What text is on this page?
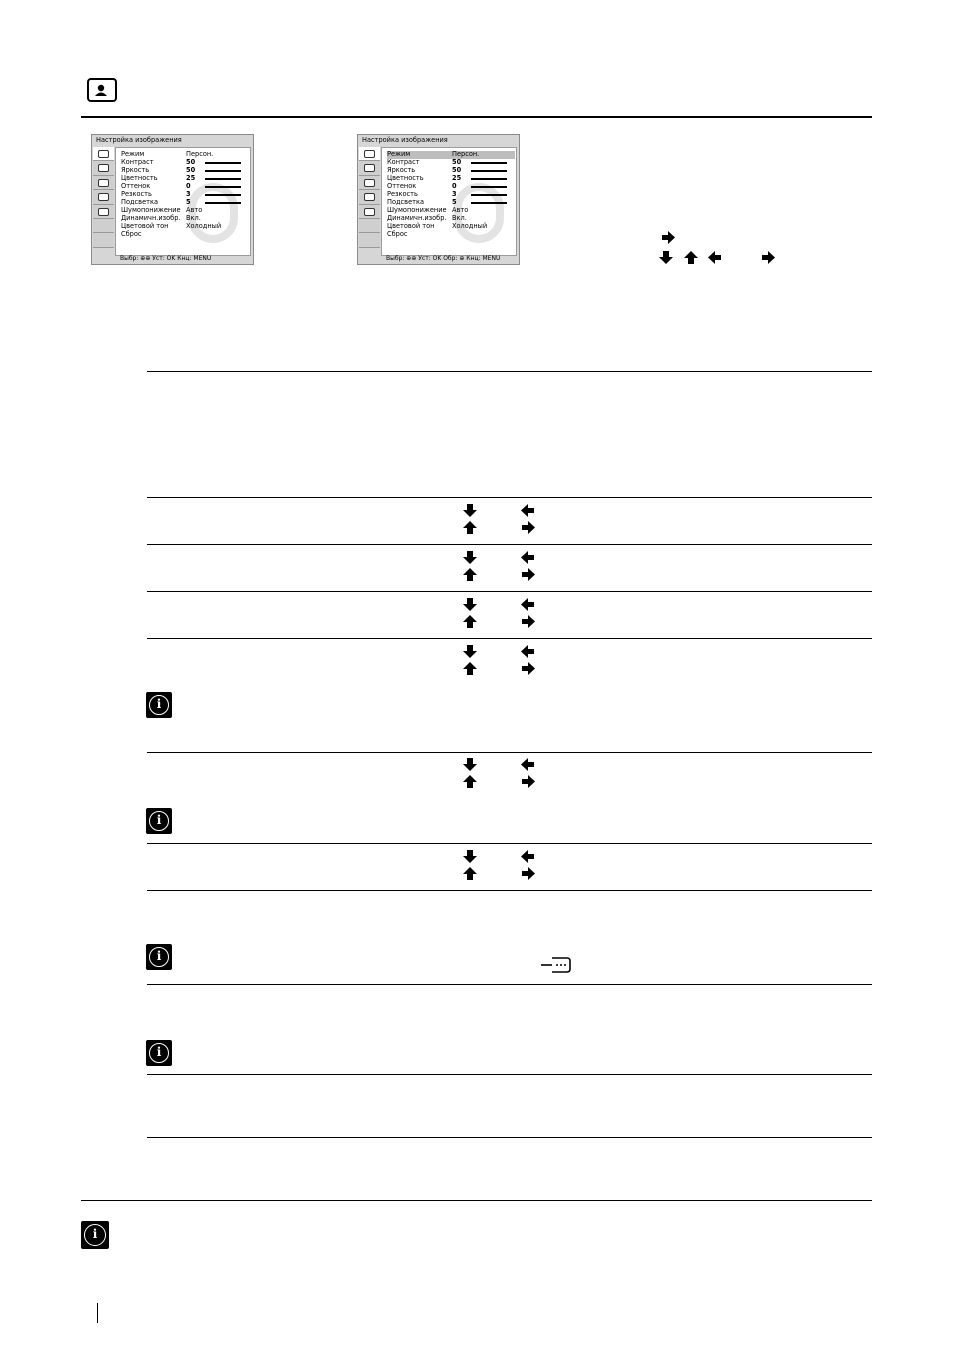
Настройка изображения
Режим	Персон.
Контраст	50
Яркость	50
Цветность	25
Оттенок	0
Резкость	3
Подсветка	5
Шумопонижение Авто
Динамичн.изобр. Вкл.
Цветовой тон	Холодный
Сброс
Выбр: ⊕⊕ Уст: OK Кнц: MENU
Настройка изображения
Режим	Персон.
Контраст	50
Яркость	50
Цветность	25
Оттенок	0
Резкость	3
Подсветка	5
Шумопонижение Авто
Динамичн.изобр. Вкл.
Цветовой тон	Холодный
Сброс
Выбр: ⊕⊕ Уст: OK Обр: ⊕ Кнц: MENU
i
i
i
i
i
